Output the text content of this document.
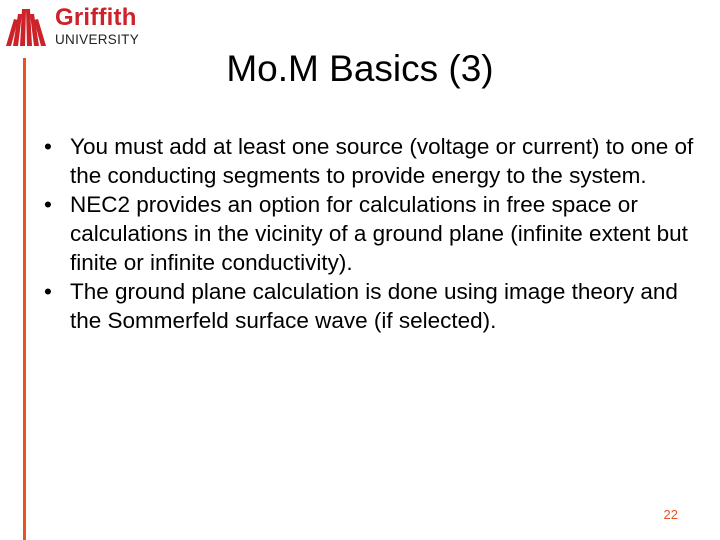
Griffith
UNIVERSITY
Mo.M Basics (3)
• You must add at least one source (voltage or current) to one of the conducting segments to provide energy to the system.
• NEC2 provides an option for calculations in free space or calculations in the vicinity of a ground plane (infinite extent but finite or infinite conductivity).
• The ground plane calculation is done using image theory and the Sommerfeld surface wave (if selected).
22
